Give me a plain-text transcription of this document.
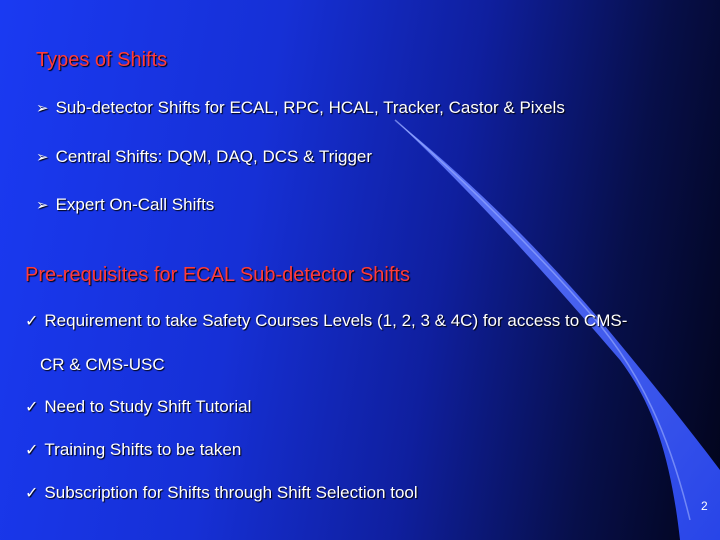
Types of Shifts
➢ Sub-detector Shifts for ECAL, RPC, HCAL, Tracker, Castor & Pixels
➢ Central Shifts: DQM, DAQ, DCS & Trigger
➢ Expert On-Call Shifts
Pre-requisites for ECAL Sub-detector Shifts
✓ Requirement to take Safety Courses Levels (1, 2, 3 & 4C) for access to CMS-
CR & CMS-USC
✓ Need to Study Shift Tutorial
✓ Training Shifts to be taken
✓ Subscription for Shifts through Shift Selection tool
2
